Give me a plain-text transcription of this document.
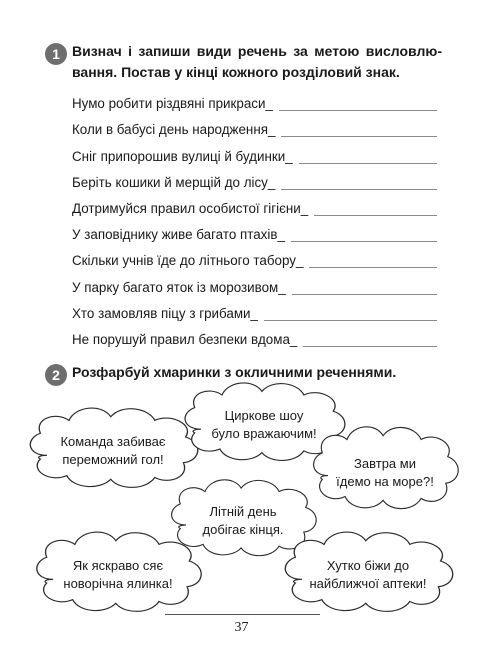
1 Визнач і запиши види речень за метою висловлю-
вання. Постав у кінці кожного розділовий знак.
Нумо робити різдвяні прикраси_
Коли в бабусі день народження_
Сніг припорошив вулиці й будинки_
Беріть кошики й мерщій до лісу_
Дотримуйся правил особистої гігієни_
У заповіднику живе багато птахів_
Скільки учнів їде до літнього табору_
У парку багато яток із морозивом_
Хто замовляв піцу з грибами_
Не порушуй правил безпеки вдома_
2 Розфарбуй хмаринки з окличними реченнями.
Команда забиває
переможний гол!
Циркове шоу
було вражаючим!
Завтра ми
їдемо на море?!
Літній день
добігає кінця.
Як яскраво сяє
новорічна ялинка!
Хутко біжи до
найближчої аптеки!
37
